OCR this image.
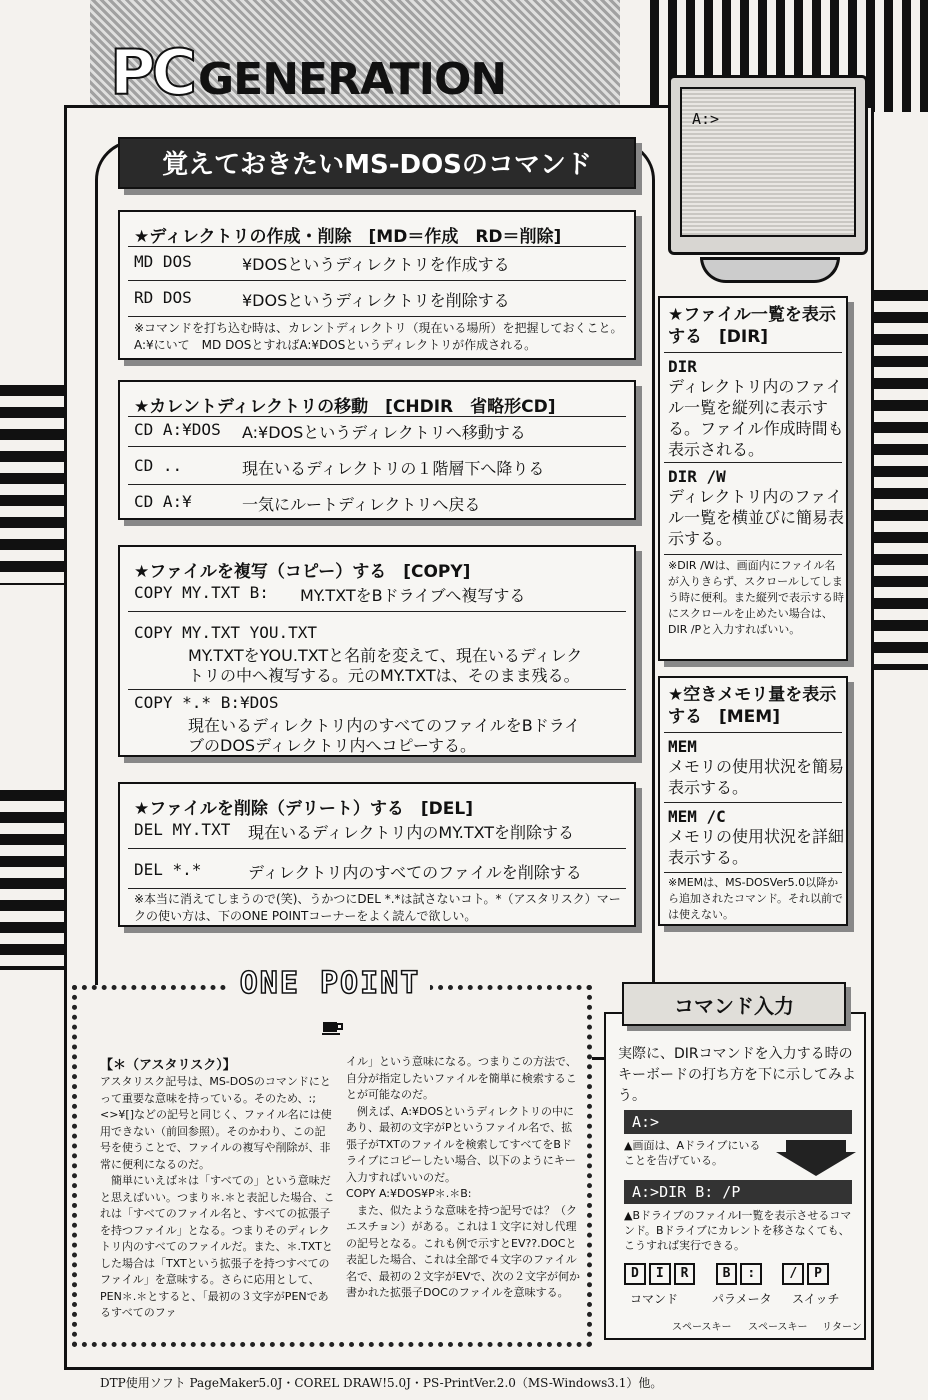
PC GENERATION
A:>
覚えておきたいMS-DOSのコマンド
★ディレクトリの作成・削除　[MD＝作成　RD＝削除]
MD DOS	¥DOSというディレクトリを作成する
RD DOS	¥DOSというディレクトリを削除する
※コマンドを打ち込む時は、カレントディレクトリ（現在いる場所）を把握しておくこと。A:¥にいて　MD DOSとすればA:¥DOSというディレクトリが作成される。
★カレントディレクトリの移動　[CHDIR　省略形CD]
CD A:¥DOS A:¥DOSというディレクトリへ移動する
CD ..	現在いるディレクトリの１階層下へ降りる
CD A:¥	一気にルートディレクトリへ戻る
★ファイルを複写（コピー）する　[COPY]
COPY MY.TXT B: MY.TXTをBドライブへ複写する
COPY MY.TXT YOU.TXT
MY.TXTをYOU.TXTと名前を変えて、現在いるディレク
トリの中へ複写する。元のMY.TXTは、そのまま残る。
COPY *.* B:¥DOS
現在いるディレクトリ内のすべてのファイルをBドライ
ブのDOSディレクトリ内へコピーする。
★ファイルを削除（デリート）する　[DEL]
DEL MY.TXT 現在いるディレクトリ内のMY.TXTを削除する
DEL *.*	ディレクトリ内のすべてのファイルを削除する
※本当に消えてしまうので(笑)、うかつにDEL *.*は試さないコト。*（アスタリスク）マークの使い方は、下のONE POINTコーナーをよく読んで欲しい。
★ファイル一覧を表示する　[DIR]
DIR
ディレクトリ内のファイル一覧を縦列に表示する。ファイル作成時間も表示される。
DIR /W
ディレクトリ内のファイル一覧を横並びに簡易表示する。
※DIR /Wは、画面内にファイル名が入りきらず、スクロールしてしまう時に便利。また縦列で表示する時にスクロールを止めたい場合は、DIR /Pと入力すればいい。
★空きメモリ量を表示する　[MEM]
MEM
メモリの使用状況を簡易表示する。
MEM /C
メモリの使用状況を詳細表示する。
※MEMは、MS-DOSVer5.0以降から追加されたコマンド。それ以前では使えない。
ONE POINT
【＊（アスタリスク）】
アスタリスク記号は、MS-DOSのコマンドにとって重要な意味を持っている。そのため、:;<>¥[]などの記号と同じく、ファイル名には使用できない（前回参照）。そのかわり、この記号を使うことで、ファイルの複写や削除が、非常に便利になるのだ。
　簡単にいえば＊は「すべての」という意味だと思えばいい。つまり＊.＊と表記した場合、これは「すべてのファイル名と、すべての拡張子を持つファイル」となる。つまりそのディレクトリ内のすべてのファイルだ。また、＊.TXTとした場合は「TXTという拡張子を持つすべてのファイル」を意味する。さらに応用として、PEN＊.＊とすると、「最初の３文字がPENであるすべてのファ
イル」という意味になる。つまりこの方法で、自分が指定したいファイルを簡単に検索することが可能なのだ。
　例えば、A:¥DOSというディレクトリの中にあり、最初の文字がPというファイル名で、拡張子がTXTのファイルを検索してすべてをBドライブにコピーしたい場合、以下のようにキー入力すればいいのだ。
COPY A:¥DOS¥P＊.＊B:
　また、似たような意味を持つ記号では？（クエスチョン）がある。これは１文字に対し代理の記号となる。これも例で示すとEV??.DOCと表記した場合、これは全部で４文字のファイル名で、最初の２文字がEVで、次の２文字が何か書かれた拡張子DOCのファイルを意味する。
コマンド入力
実際に、DIRコマンドを入力する時のキーボードの打ち方を下に示してみよう。
A:>
▲画面は、Aドライブにいることを告げている。
A:>DIR B: /P
▲BドライブのファイルI一覧を表示させるコマンド。Bドライブにカレントを移さなくても、こうすれば実行できる。
D I R	B :	/ P
コマンド	パラメータ スイッチ
スペースキー スペースキー リターン
DTP使用ソフト PageMaker5.0J・COREL DRAW!5.0J・PS-PrintVer.2.0（MS-Windows3.1）他。
